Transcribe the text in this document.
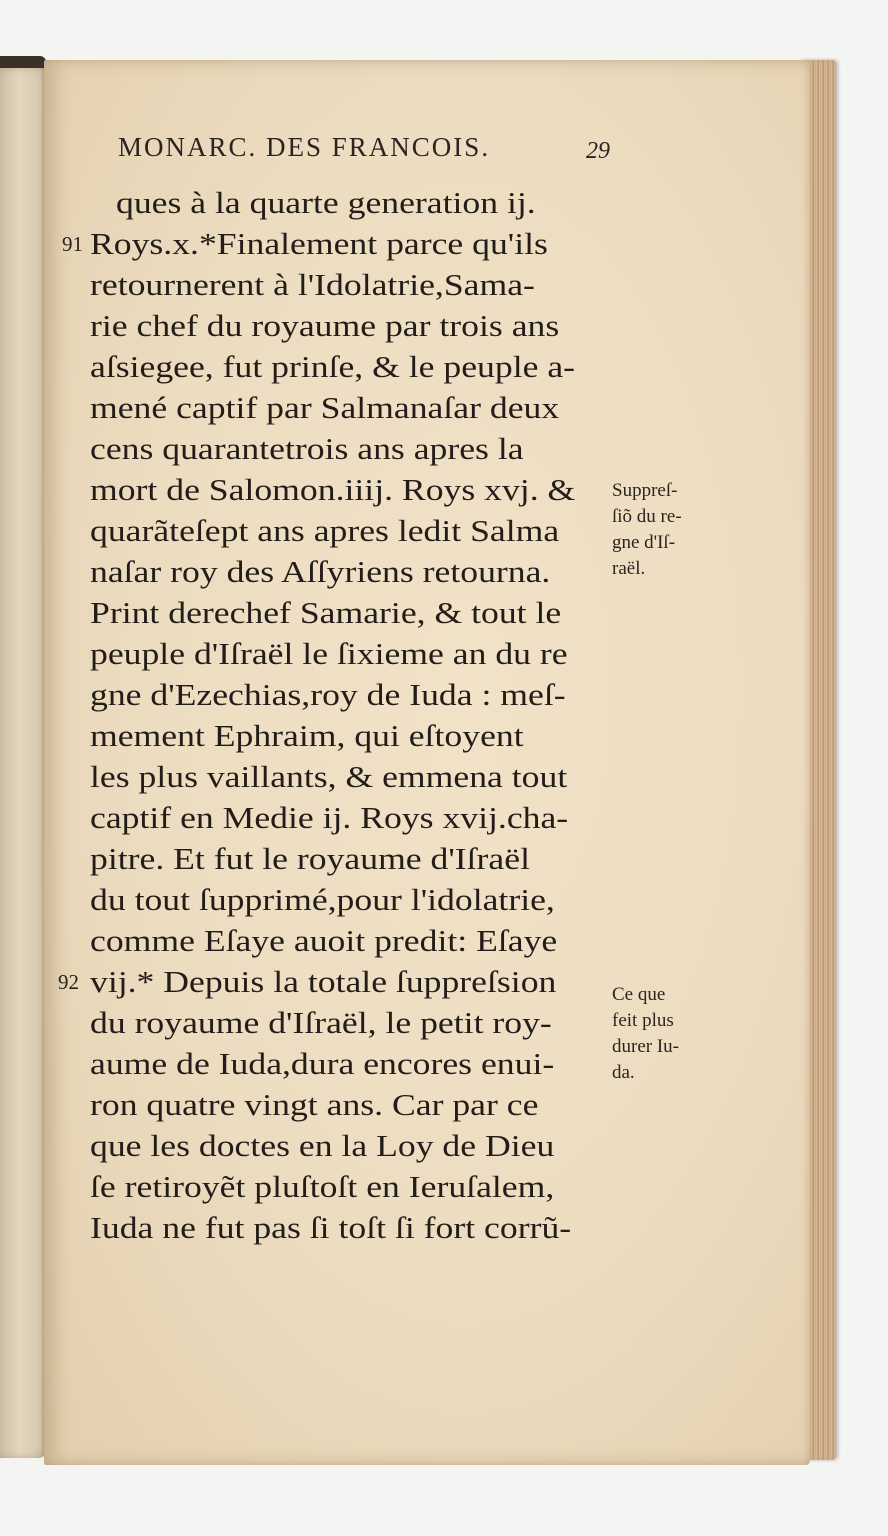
MONARC. DES FRANCOIS.	29
ques à la quarte generation ij.
Roys.x.*Finalement parce qu'ils
retournerent à l'Idolatrie,Sama-
rie chef du royaume par trois ans
aſsiegee, fut prinſe, & le peuple a-
mené captif par Salmanaſar deux
cens quarantetrois ans apres la
mort de Salomon.iiij. Roys xvj. &
quarãteſept ans apres ledit Salma
naſar roy des Aſſyriens retourna.
Print derechef Samarie, & tout le
peuple d'Iſraël le ſixieme an du re
gne d'Ezechias,roy de Iuda : meſ-
mement Ephraim, qui eſtoyent
les plus vaillants, & emmena tout
captif en Medie ij. Roys xvij.cha-
pitre. Et fut le royaume d'Iſraël
du tout ſupprimé,pour l'idolatrie,
comme Eſaye auoit predit: Eſaye
vij.* Depuis la totale ſuppreſsion
du royaume d'Iſraël, le petit roy-
aume de Iuda,dura encores enui-
ron quatre vingt ans. Car par ce
que les doctes en la Loy de Dieu
ſe retiroyẽt pluſtoſt en Ieruſalem,
Iuda ne fut pas ſi toſt ſi fort corrũ-
91
92
Suppreſ-
ſiõ du re-
gne d'Iſ-
raël.
Ce que
feit plus
durer Iu-
da.
